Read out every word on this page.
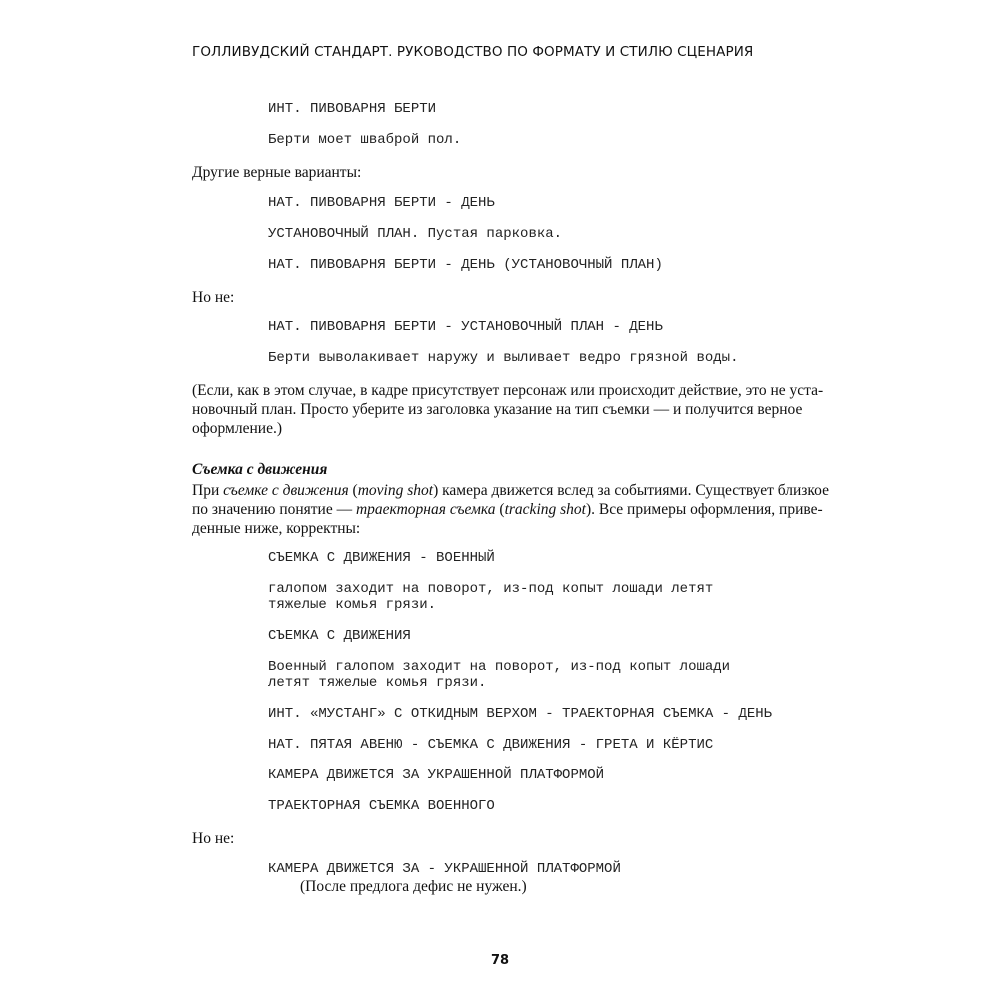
ГОЛЛИВУДСКИЙ СТАНДАРТ. РУКОВОДСТВО ПО ФОРМАТУ И СТИЛЮ СЦЕНАРИЯ
ИНТ. ПИВОВАРНЯ БЕРТИ
Берти моет шваброй пол.
Другие верные варианты:
НАТ. ПИВОВАРНЯ БЕРТИ - ДЕНЬ
УСТАНОВОЧНЫЙ ПЛАН. Пустая парковка.
НАТ. ПИВОВАРНЯ БЕРТИ - ДЕНЬ (УСТАНОВОЧНЫЙ ПЛАН)
Но не:
НАТ. ПИВОВАРНЯ БЕРТИ - УСТАНОВОЧНЫЙ ПЛАН - ДЕНЬ
Берти выволакивает наружу и выливает ведро грязной воды.
(Если, как в этом случае, в кадре присутствует персонаж или происходит действие, это не уста-
новочный план. Просто уберите из заголовка указание на тип съемки — и получится верное
оформление.)
Съемка с движения
При съемке с движения (moving shot) камера движется вслед за событиями. Существует близкое
по значению понятие — траекторная съемка (tracking shot). Все примеры оформления, приве-
денные ниже, корректны:
СЪЕМКА С ДВИЖЕНИЯ - ВОЕННЫЙ
галопом заходит на поворот, из-под копыт лошади летят
тяжелые комья грязи.
СЪЕМКА С ДВИЖЕНИЯ
Военный галопом заходит на поворот, из-под копыт лошади
летят тяжелые комья грязи.
ИНТ. «МУСТАНГ» С ОТКИДНЫМ ВЕРХОМ - ТРАЕКТОРНАЯ СЪЕМКА - ДЕНЬ
НАТ. ПЯТАЯ АВЕНЮ - СЪЕМКА С ДВИЖЕНИЯ - ГРЕТА И КЁРТИС
КАМЕРА ДВИЖЕТСЯ ЗА УКРАШЕННОЙ ПЛАТФОРМОЙ
ТРАЕКТОРНАЯ СЪЕМКА ВОЕННОГО
Но не:
КАМЕРА ДВИЖЕТСЯ ЗА - УКРАШЕННОЙ ПЛАТФОРМОЙ
(После предлога дефис не нужен.)
78
